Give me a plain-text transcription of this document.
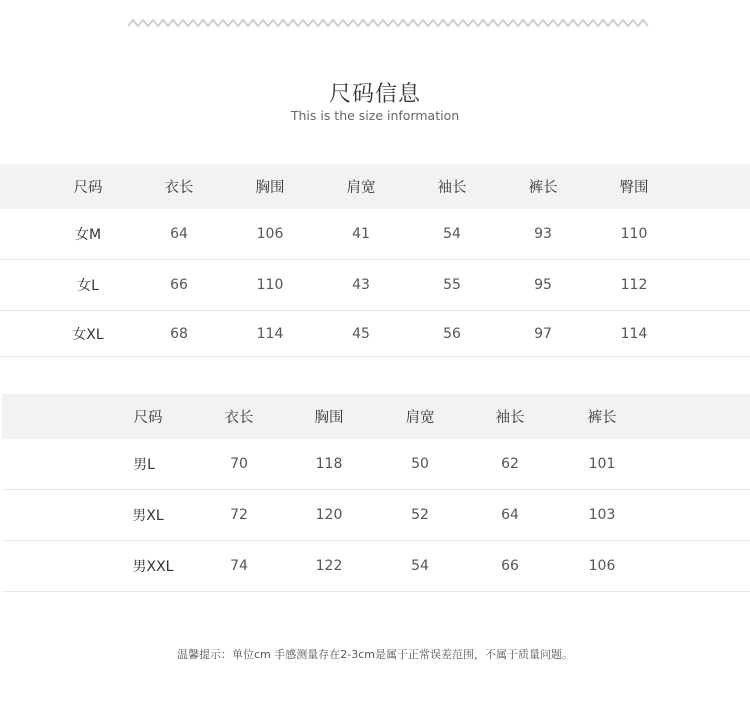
尺码信息
This is the size information
尺码	衣长	胸围	肩宽	袖长	裤长	臀围
女M	64	106	41	54	93	110
女L	66	110	43	55	95	112
女XL	68	114	45	56	97	114
尺码	衣长	胸围	肩宽	袖长	裤长
男L	70	118	50	62	101
男XL	72	120	52	64	103
男XXL	74	122	54	66	106
温馨提示：单位cm 手感测量存在2-3cm是属于正常误差范围，不属于质量问题。
